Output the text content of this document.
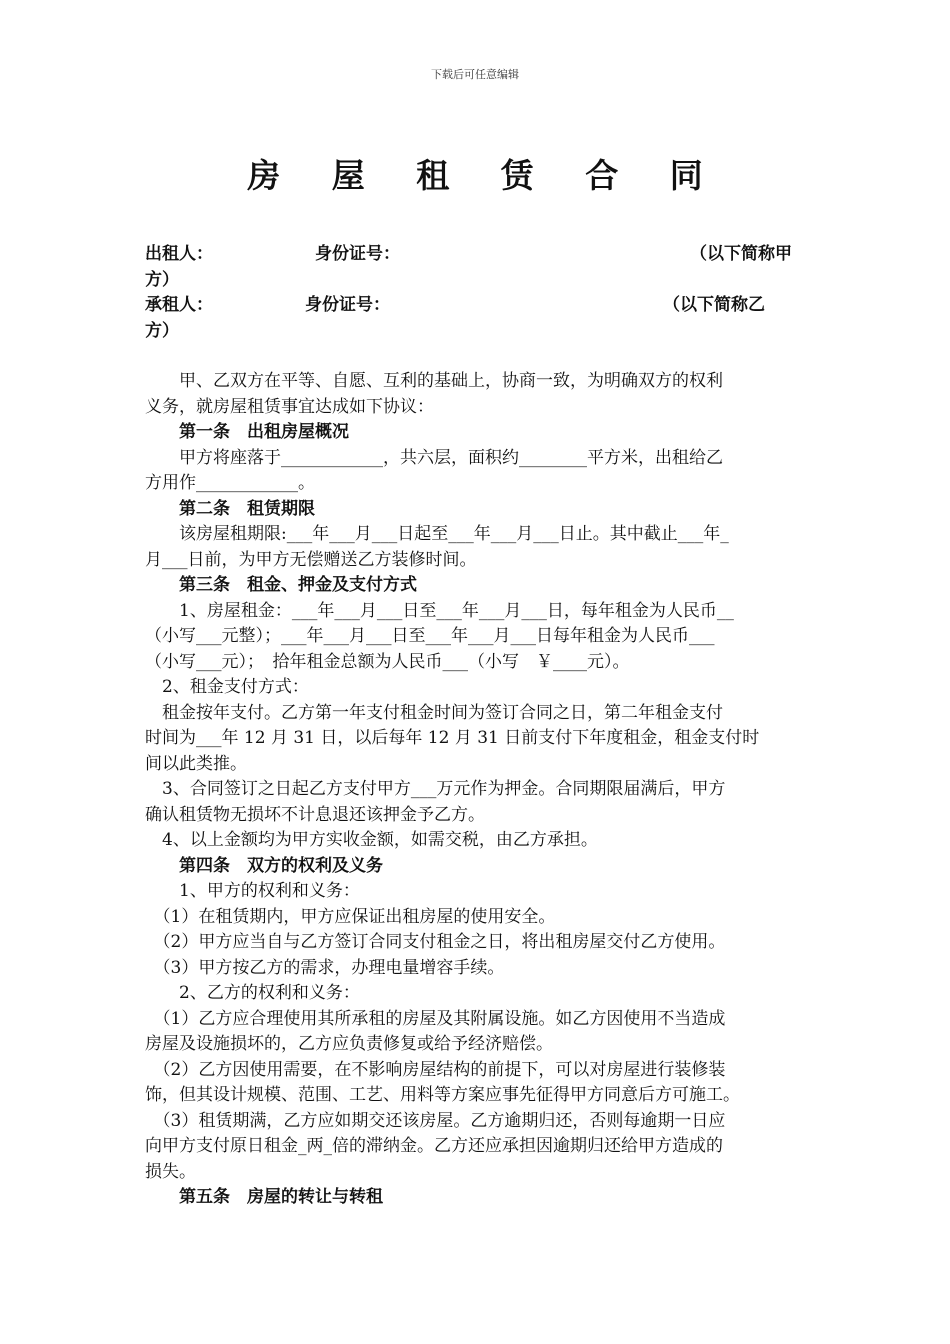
下载后可任意编辑
房 屋 租 赁 合 同
出租人：	身份证号：	（以下简称甲
方）
承租人：	身份证号：	（以下简称乙
方）

　　甲、乙双方在平等、自愿、互利的基础上，协商一致，为明确双方的权利

义务，就房屋租赁事宜达成如下协议：

　　第一条　出租房屋概况

　　甲方将座落于____________，共六层，面积约________平方米，出租给乙

方用作____________。

　　第二条　租赁期限

　　该房屋租期限:___年___月___日起至___年___月___日止。其中截止___年_

月___日前，为甲方无偿赠送乙方装修时间。

　　第三条　租金、押金及支付方式

　　1、房屋租金：___年___月___日至___年___月___日，每年租金为人民币__

（小写___元整）；___年___月___日至___年___月___日每年租金为人民币___

（小写___元）；　拾年租金总额为人民币___（小写　￥____元）。

　2、租金支付方式：

　租金按年支付。乙方第一年支付租金时间为签订合同之日，第二年租金支付

时间为___年 12 月 31 日，以后每年 12 月 31 日前支付下年度租金，租金支付时

间以此类推。

　3、合同签订之日起乙方支付甲方___万元作为押金。合同期限届满后，甲方

确认租赁物无损坏不计息退还该押金予乙方。

　4、以上金额均为甲方实收金额，如需交税，由乙方承担。

　　第四条　双方的权利及义务

　　1、甲方的权利和义务：

　（1）在租赁期内，甲方应保证出租房屋的使用安全。

　（2）甲方应当自与乙方签订合同支付租金之日，将出租房屋交付乙方使用。

　（3）甲方按乙方的需求，办理电量增容手续。

　　2、乙方的权利和义务：

　（1）乙方应合理使用其所承租的房屋及其附属设施。如乙方因使用不当造成

房屋及设施损坏的，乙方应负责修复或给予经济赔偿。

　（2）乙方因使用需要，在不影响房屋结构的前提下，可以对房屋进行装修装

饰，但其设计规模、范围、工艺、用料等方案应事先征得甲方同意后方可施工。

　（3）租赁期满，乙方应如期交还该房屋。乙方逾期归还，否则每逾期一日应

向甲方支付原日租金_两_倍的滞纳金。乙方还应承担因逾期归还给甲方造成的

损失。

　　第五条　房屋的转让与转租
